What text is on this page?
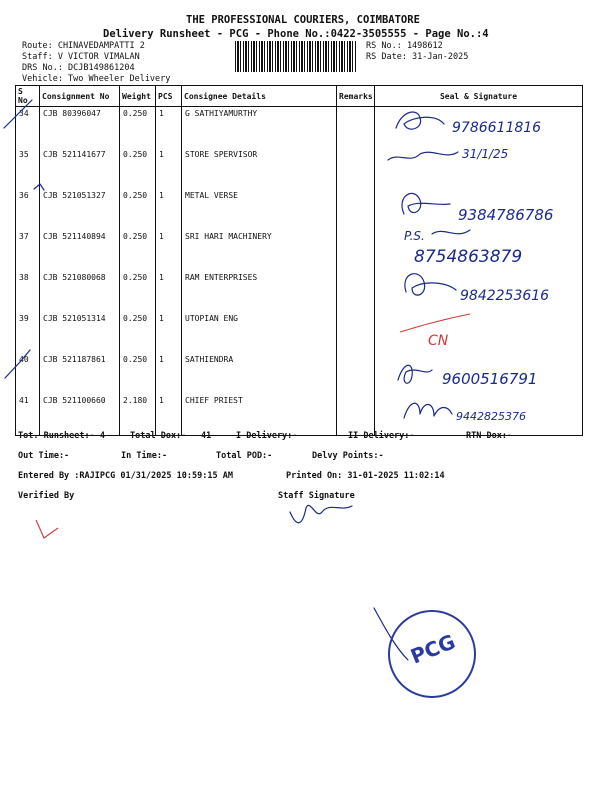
THE PROFESSIONAL COURIERS, COIMBATORE
Delivery Runsheet - PCG - Phone No.:0422-3505555 - Page No.:4
Route: CHINAVEDAMPATTI 2
Staff: V VICTOR VIMALAN
DRS No.: DCJB149861204
Vehicle: Two Wheeler Delivery
RS No.: 1498612
RS Date: 31-Jan-2025
S No	Consignment No	Weight	PCS	Consignee Details	Remarks	Seal & Signature
34	CJB 80396047	0.250	1	G SATHIYAMURTHY		
35	CJB 521141677	0.250	1	STORE SPERVISOR		
36	CJB 521051327	0.250	1	METAL VERSE		
37	CJB 521140894	0.250	1	SRI HARI MACHINERY		
38	CJB 521080068	0.250	1	RAM ENTERPRISES		
39	CJB 521051314	0.250	1	UTOPIAN ENG		
40	CJB 521187861	0.250	1	SATHIENDRA		
41	CJB 521100660	2.180	1	CHIEF PRIEST		
9786611816
31/1/25
9384786786
P.S.
8754863879
9842253616
CN
9600516791
9442825376
Tot. Runsheet:- 4	Total Dox:- 41	I Delivery:-	II Delivery:-	RTN Dox:-
Out Time:-	In Time:-	Total POD:-	Delvy Points:-
Entered By :RAJIPCG 01/31/2025 10:59:15 AM	Printed On: 31-01-2025 11:02:14
Verified By	Staff Signature
PCG
